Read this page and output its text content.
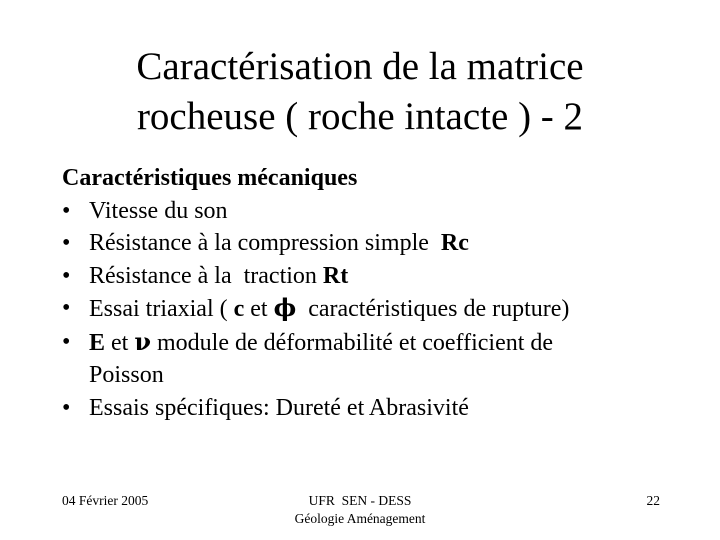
Caractérisation de la matrice
rocheuse ( roche intacte ) - 2
Caractéristiques mécaniques
• Vitesse du son
• Résistance à la compression simple  Rc
• Résistance à la  traction Rt
• Essai triaxial ( c et ϕ  caractéristiques de rupture)
• E et ν module de déformabilité et coefficient de
Poisson
• Essais spécifiques: Dureté et Abrasivité
04 Février 2005	UFR  SEN - DESS
Géologie Aménagement
22
